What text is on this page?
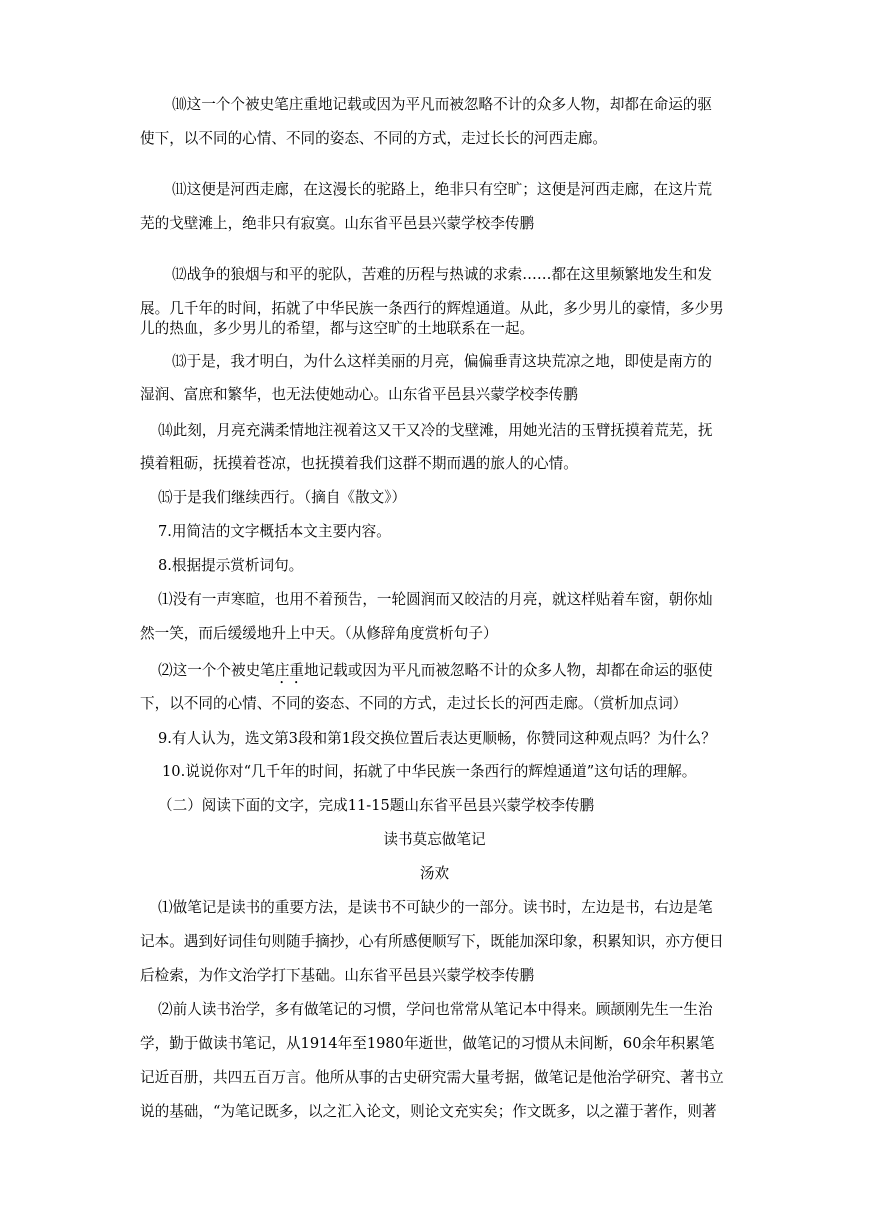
⑽这一个个被史笔庄重地记载或因为平凡而被忽略不计的众多人物，却都在命运的驱
使下，以不同的心情、不同的姿态、不同的方式，走过长长的河西走廊。
⑾这便是河西走廊，在这漫长的驼路上，绝非只有空旷；这便是河西走廊，在这片荒
芜的戈壁滩上，绝非只有寂寞。山东省平邑县兴蒙学校李传鹏
⑿战争的狼烟与和平的驼队，苦难的历程与热诚的求索……都在这里频繁地发生和发
展。几千年的时间，拓就了中华民族一条西行的辉煌通道。从此，多少男儿的豪情，多少男
儿的热血，多少男儿的希望，都与这空旷的土地联系在一起。
⒀于是，我才明白，为什么这样美丽的月亮，偏偏垂青这块荒凉之地，即使是南方的
湿润、富庶和繁华，也无法使她动心。山东省平邑县兴蒙学校李传鹏
⒁此刻，月亮充满柔情地注视着这又干又冷的戈壁滩，用她光洁的玉臂抚摸着荒芜，抚
摸着粗砺，抚摸着苍凉，也抚摸着我们这群不期而遇的旅人的心情。
⒂于是我们继续西行。（摘自《散文》）
7.用简洁的文字概括本文主要内容。
8.根据提示赏析词句。
⑴没有一声寒暄，也用不着预告，一轮圆润而又皎洁的月亮，就这样贴着车窗，朝你灿
然一笑，而后缓缓地升上中天。（从修辞角度赏析句子）
⑵这一个个被史笔庄重地记载或因为平凡而被忽略不计的众多人物，却都在命运的驱使
下，以不同的心情、不同的姿态、不同的方式，走过长长的河西走廊。（赏析加点词）
9.有人认为，选文第3段和第1段交换位置后表达更顺畅，你赞同这种观点吗？为什么？
10.说说你对“几千年的时间，拓就了中华民族一条西行的辉煌通道”这句话的理解。
（二）阅读下面的文字，完成11-15题山东省平邑县兴蒙学校李传鹏
读书莫忘做笔记
汤欢
⑴做笔记是读书的重要方法，是读书不可缺少的一部分。读书时，左边是书，右边是笔
记本。遇到好词佳句则随手摘抄，心有所感便顺写下，既能加深印象，积累知识，亦方便日
后检索，为作文治学打下基础。山东省平邑县兴蒙学校李传鹏
⑵前人读书治学，多有做笔记的习惯，学问也常常从笔记本中得来。顾颉刚先生一生治
学，勤于做读书笔记，从1914年至1980年逝世，做笔记的习惯从未间断，60余年积累笔
记近百册，共四五百万言。他所从事的古史研究需大量考据，做笔记是他治学研究、著书立
说的基础，“为笔记既多，以之汇入论文，则论文充实矣；作文既多，以之灌于著作，则著
